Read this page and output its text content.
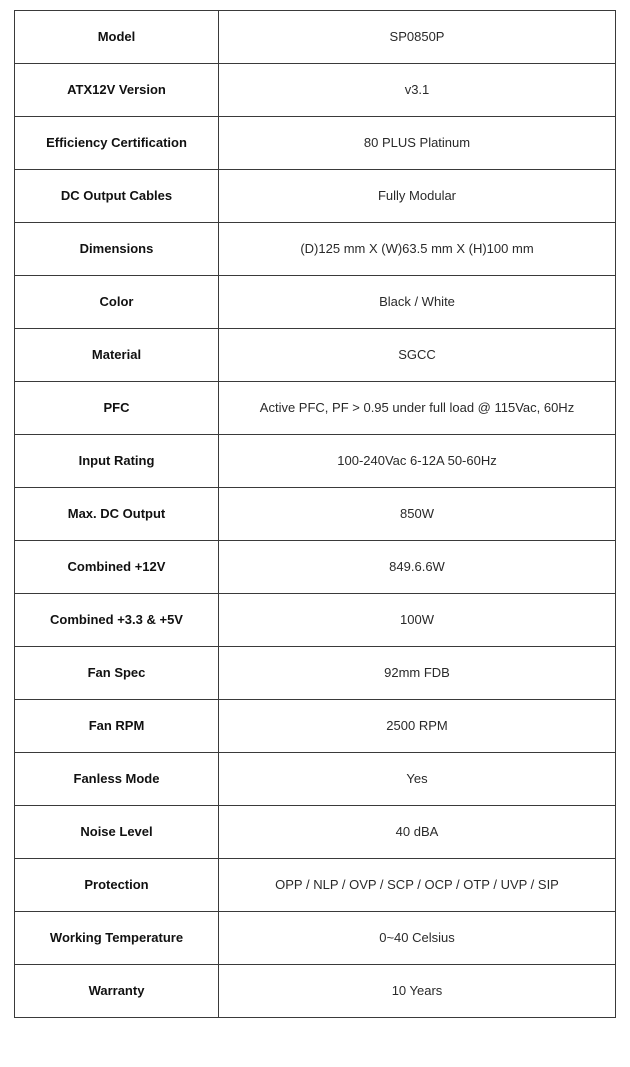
Model	SP0850P
ATX12V Version	v3.1
Efficiency Certification	80 PLUS Platinum
DC Output Cables	Fully Modular
Dimensions	(D)125 mm X (W)63.5 mm X (H)100 mm
Color	Black / White
Material	SGCC
PFC	Active PFC, PF > 0.95 under full load @ 115Vac, 60Hz
Input Rating	100-240Vac 6-12A 50-60Hz
Max. DC Output	850W
Combined +12V	849.6.6W
Combined +3.3 & +5V	100W
Fan Spec	92mm FDB
Fan RPM	2500 RPM
Fanless Mode	Yes
Noise Level	40 dBA
Protection	OPP / NLP / OVP / SCP / OCP / OTP / UVP / SIP
Working Temperature	0~40 Celsius
Warranty	10 Years
